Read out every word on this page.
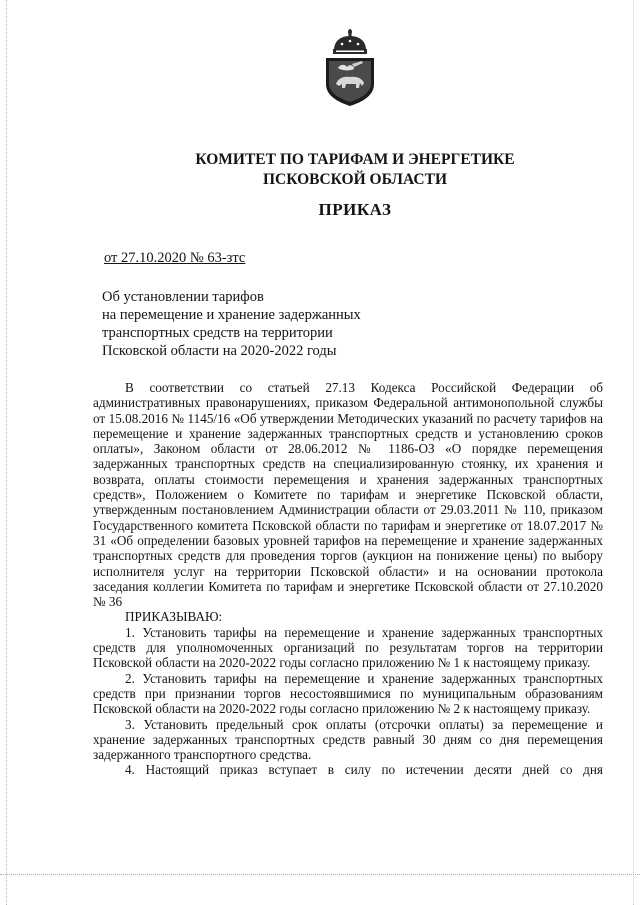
КОМИТЕТ ПО ТАРИФАМ И ЭНЕРГЕТИКЕ
ПСКОВСКОЙ ОБЛАСТИ
ПРИКАЗ
от 27.10.2020 № 63-зтс
Об установлении тарифов
на перемещение и хранение задержанных
транспортных средств на территории
Псковской области на 2020-2022 годы

В соответствии со статьей 27.13 Кодекса Российской Федерации об административных правонарушениях, приказом Федеральной антимонопольной службы от 15.08.2016 № 1145/16 «Об утверждении Методических указаний по расчету тарифов на перемещение и хранение задержанных транспортных средств и установлению сроков оплаты», Законом области от 28.06.2012 № 1186-ОЗ «О порядке перемещения задержанных транспортных средств на специализированную стоянку, их хранения и возврата, оплаты стоимости перемещения и хранения задержанных транспортных средств», Положением о Комитете по тарифам и энергетике Псковской области, утвержденным постановлением Администрации области от 29.03.2011 № 110, приказом Государственного комитета Псковской области по тарифам и энергетике от 18.07.2017 № 31 «Об определении базовых уровней тарифов на перемещение и хранение задержанных транспортных средств для проведения торгов (аукцион на понижение цены) по выбору исполнителя услуг на территории Псковской области» и на основании протокола заседания коллегии Комитета по тарифам и энергетике Псковской области от 27.10.2020 № 36

ПРИКАЗЫВАЮ:

1. Установить тарифы на перемещение и хранение задержанных транспортных средств для уполномоченных организаций по результатам торгов на территории Псковской области на 2020-2022 годы согласно приложению № 1 к настоящему приказу.

2. Установить тарифы на перемещение и хранение задержанных транспортных средств при признании торгов несостоявшимися по муниципальным образованиям Псковской области на 2020-2022 годы согласно приложению № 2 к настоящему приказу.

3. Установить предельный срок оплаты (отсрочки оплаты) за перемещение и хранение задержанных транспортных средств равный 30 дням со дня перемещения задержанного транспортного средства.

4. Настоящий приказ вступает в силу по истечении десяти дней со дня
